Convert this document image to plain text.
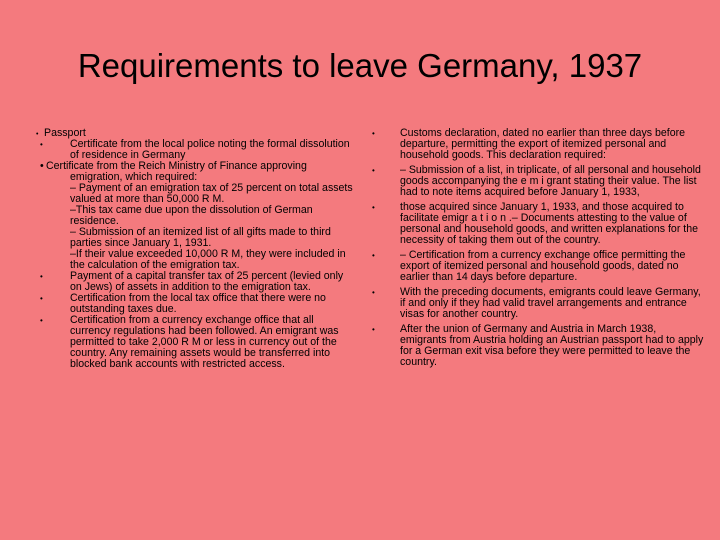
Requirements to leave Germany, 1937
• Passport
•	Certificate from the local police noting the formal dissolution of residence in Germany
• Certificate from the Reich Ministry of Finance approving
emigration, which required:
– Payment of an emigration tax of 25 percent on total assets valued at more than 50,000 R M.
–This tax came due upon the dissolution of German residence.
– Submission of an itemized list of all gifts made to third parties since January 1, 1931.
–If their value exceeded 10,000 R M, they were included in the calculation of the emigration tax.
•	Payment of a capital transfer tax of 25 percent (levied only on Jews) of assets in addition to the emigration tax.
•	Certification from the local tax office that there were no outstanding taxes due.
•	Certification from a currency exchange office that all currency regulations had been followed. An emigrant was permitted to take 2,000 R M or less in currency out of the country. Any remaining assets would be transferred into blocked bank accounts with restricted access.
•	Customs declaration, dated no earlier than three days before departure, permitting the export of itemized personal and household goods. This declaration required:
•	– Submission of a list, in triplicate, of all personal and household goods accompanying the e m i grant stating their value. The list had to note items acquired before January 1, 1933,
•	those acquired since January 1, 1933, and those acquired to facilitate emigr a t i o n .– Documents attesting to the value of personal and household goods, and written explanations for the necessity of taking them out of the country.
•	– Certification from a currency exchange office permitting the export of itemized personal and household goods, dated no earlier than 14 days before departure.
•	With the preceding documents, emigrants could leave Germany, if and only if they had valid travel arrangements and entrance visas for another country.
•	After the union of Germany and Austria in March 1938, emigrants from Austria holding an Austrian passport had to apply for a German exit visa before they were permitted to leave the country.
